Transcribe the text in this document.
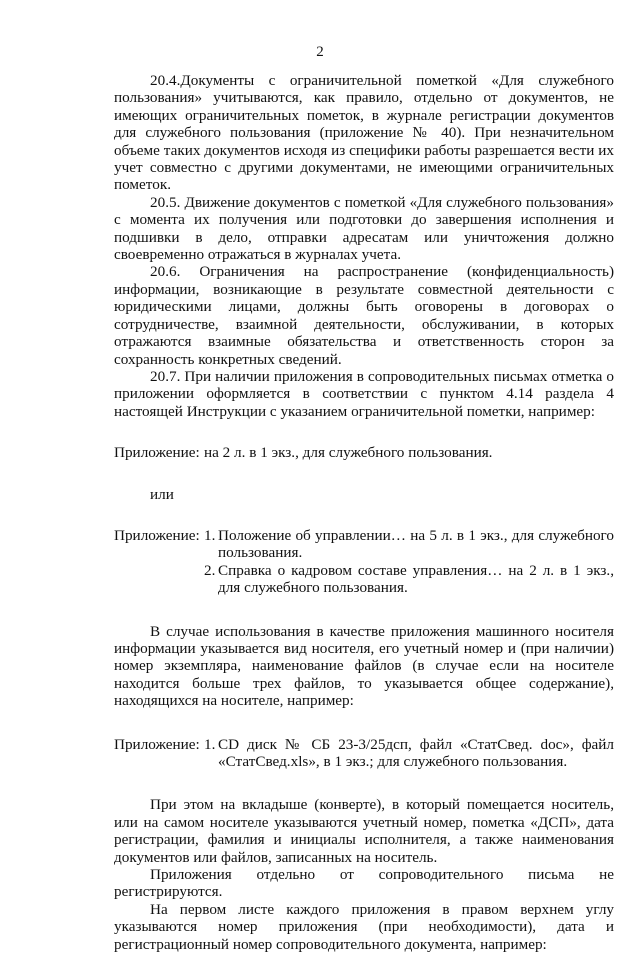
2

20.4.Документы с ограничительной пометкой «Для служебного пользования» учитываются, как правило, отдельно от документов, не имеющих ограничительных пометок, в журнале регистрации документов для служебного пользования (приложение № 40). При незначительном объеме таких документов исходя из специфики работы разрешается вести их учет совместно с другими документами, не имеющими ограничительных пометок.

20.5. Движение документов с пометкой «Для служебного пользования» с момента их получения или подготовки до завершения исполнения и подшивки в дело, отправки адресатам или уничтожения должно своевременно отражаться в журналах учета.

20.6. Ограничения на распространение (конфиденциальность) информации, возникающие в результате совместной деятельности с юридическими лицами, должны быть оговорены в договорах о сотрудничестве, взаимной деятельности, обслуживании, в которых отражаются взаимные обязательства и ответственность сторон за сохранность конкретных сведений.

20.7. При наличии приложения в сопроводительных письмах отметка о приложении оформляется в соответствии с пунктом 4.14 раздела 4 настоящей Инструкции с указанием ограничительной пометки, например:

Приложение: на 2 л. в 1 экз., для служебного пользования.

или

Приложение: 1. Положение об управлении… на 5 л. в 1 экз., для служебного пользования.
2. Справка о кадровом составе управления… на 2 л. в 1 экз., для служебного пользования.

В случае использования в качестве приложения машинного носителя информации указывается вид носителя, его учетный номер и (при наличии) номер экземпляра, наименование файлов (в случае если на носителе находится больше трех файлов, то указывается общее содержание), находящихся на носителе, например:

Приложение: 1. CD диск № СБ 23-3/25дсп, файл «СтатСвед. doc», файл «СтатСвед.xls», в 1 экз.; для служебного пользования.

При этом на вкладыше (конверте), в который помещается носитель, или на самом носителе указываются учетный номер, пометка «ДСП», дата регистрации, фамилия и инициалы исполнителя, а также наименования документов или файлов, записанных на носитель.

Приложения отдельно от сопроводительного письма не регистрируются.

На первом листе каждого приложения в правом верхнем углу указываются номер приложения (при необходимости), дата и регистрационный номер сопроводительного документа, например:
